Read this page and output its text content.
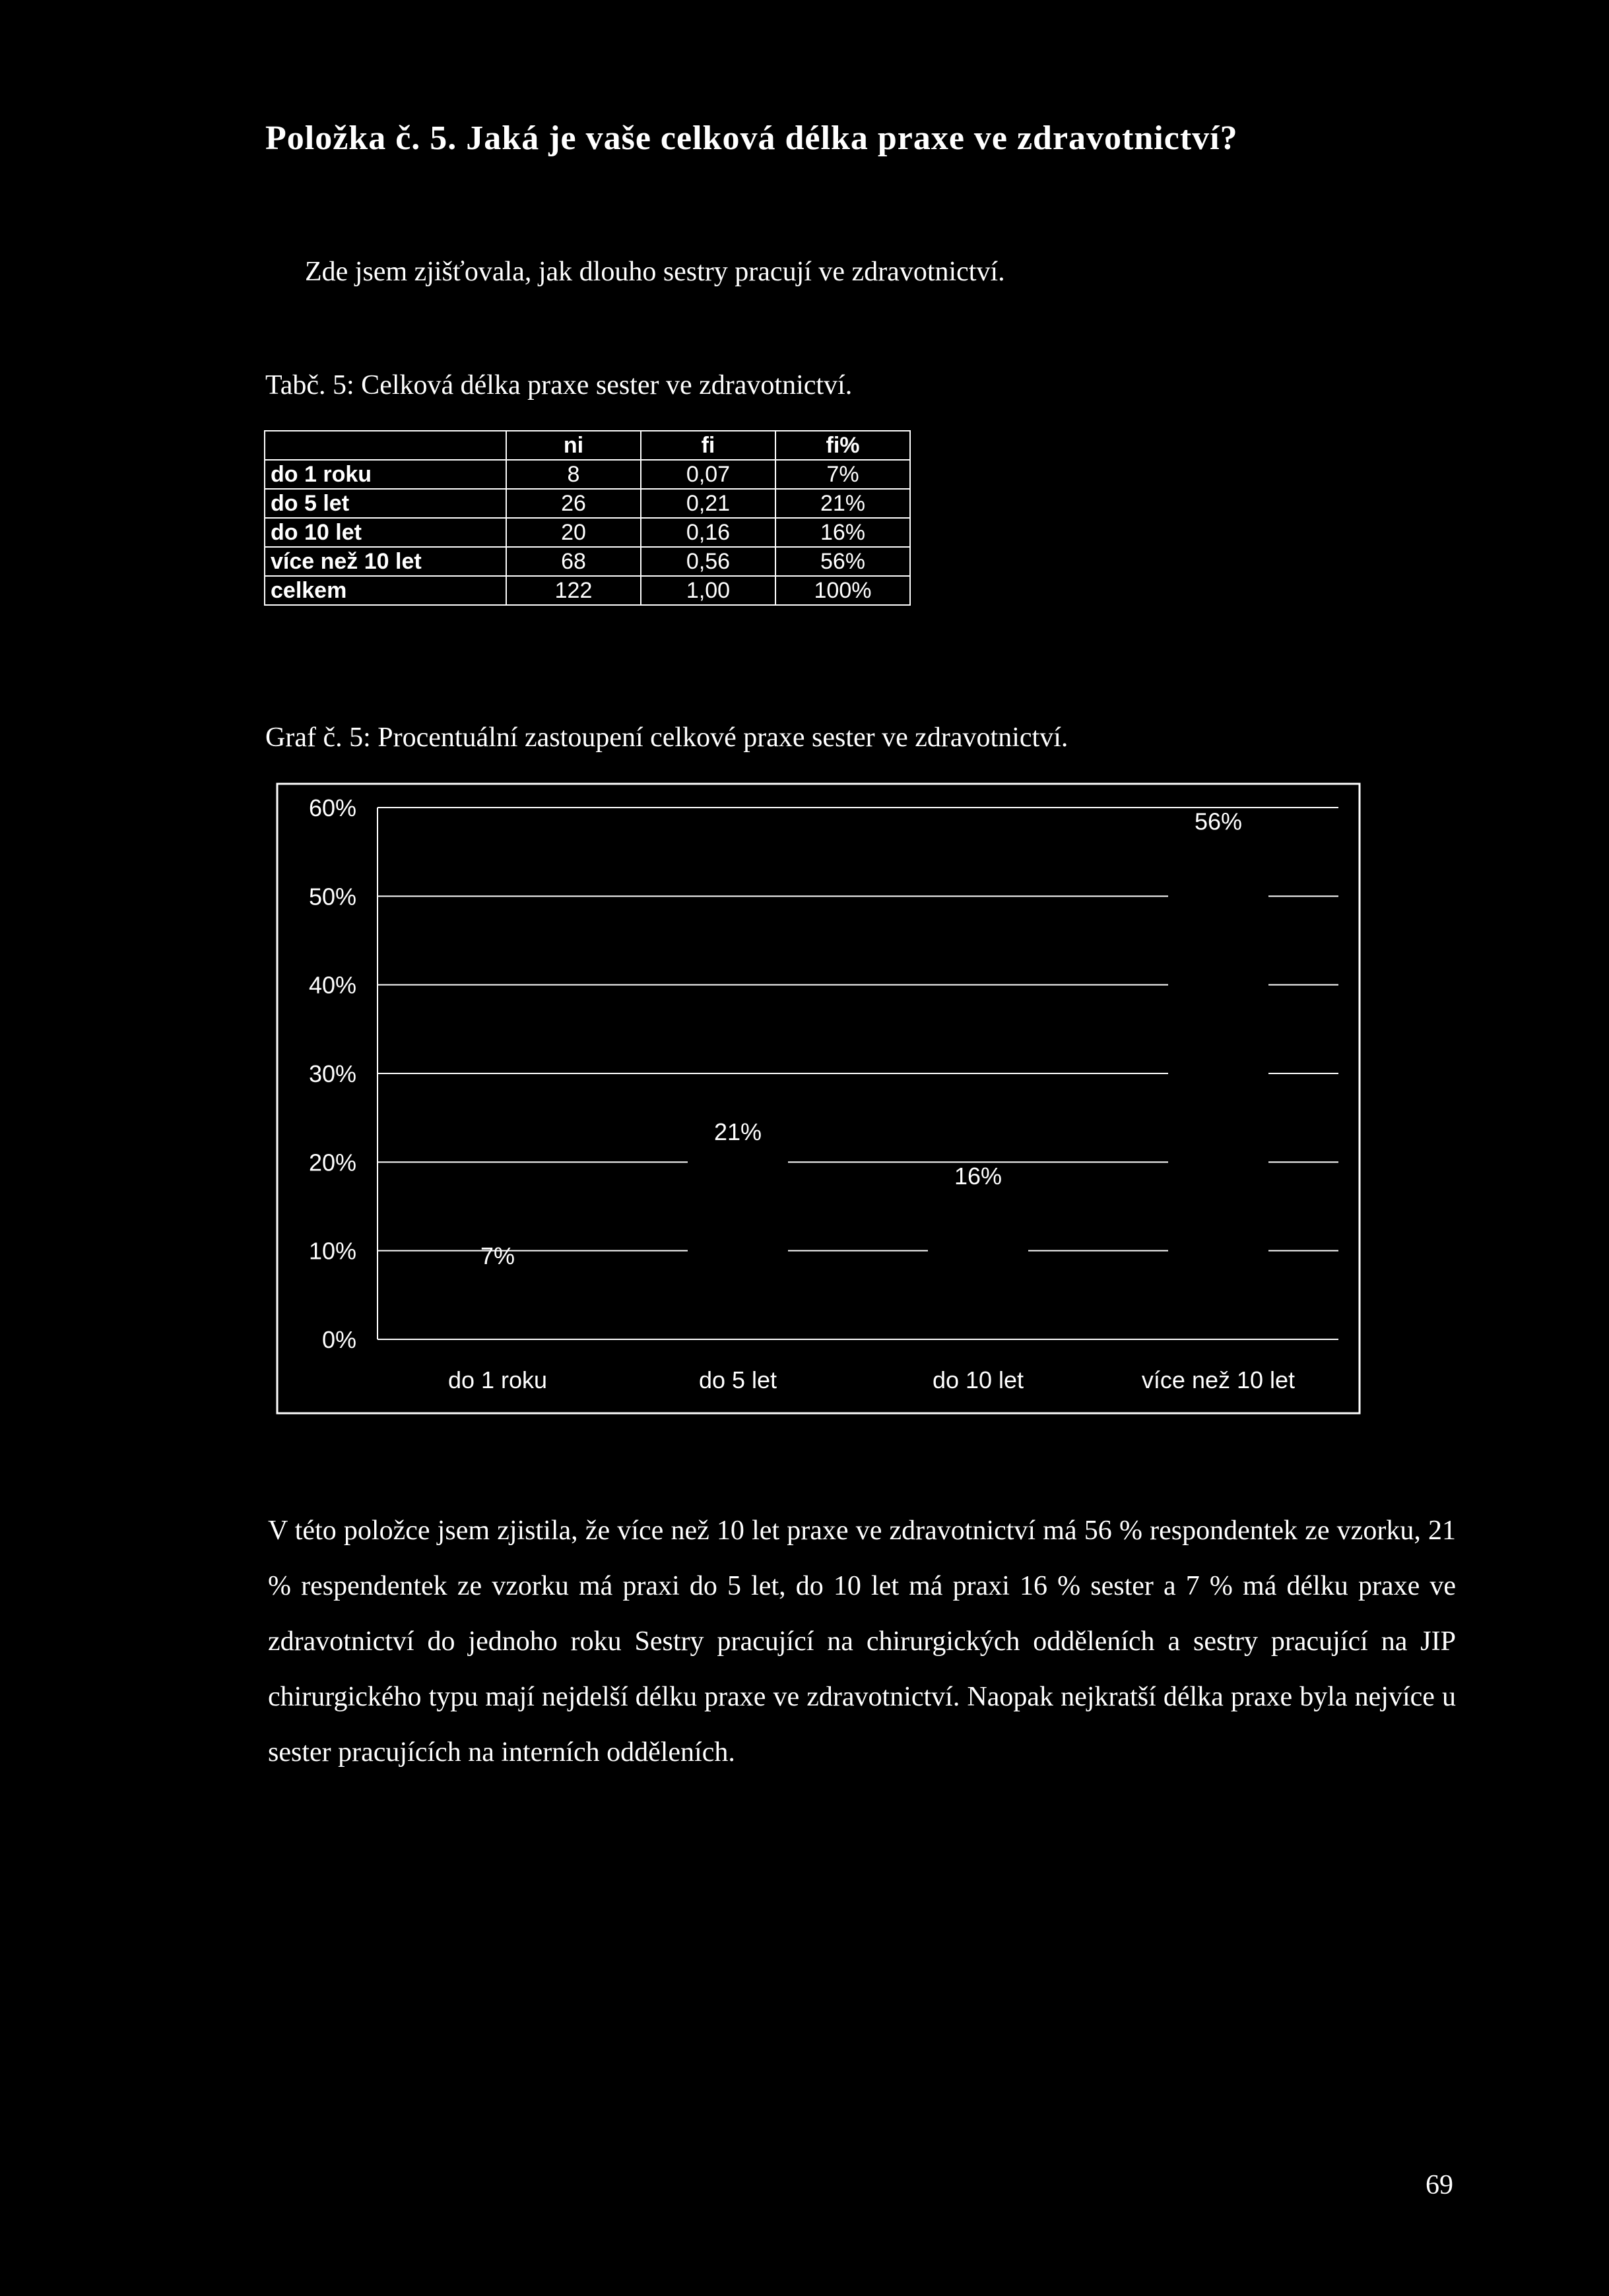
Položka č. 5. Jaká je vaše celková délka praxe ve zdravotnictví?
Zde jsem zjišťovala, jak dlouho sestry pracují ve zdravotnictví.
Tabč. 5: Celková délka praxe sester ve zdravotnictví.
	ni	fi	fi%
do 1 roku	8	0,07	7%
do 5 let	26	0,21	21%
do 10 let	20	0,16	16%
více než 10 let	68	0,56	56%
celkem	122	1,00	100%
Graf č. 5: Procentuální zastoupení celkové praxe sester ve zdravotnictví.
0%
10%
20%
30%
40%
50%
60%
7%
do 1 roku
21%
do 5 let
16%
do 10 let
56%
více než 10 let
V této položce jsem zjistila, že více než 10 let praxe ve zdravotnictví má 56 % respondentek ze vzorku, 21 % respendentek ze vzorku má praxi do 5 let, do 10 let má praxi 16 % sester a 7 % má délku praxe ve zdravotnictví do jednoho roku Sestry pracující na chirurgických odděleních a sestry pracující na JIP chirurgického typu mají nejdelší délku praxe ve zdravotnictví. Naopak nejkratší délka praxe byla nejvíce u sester pracujících na interních odděleních.
69
